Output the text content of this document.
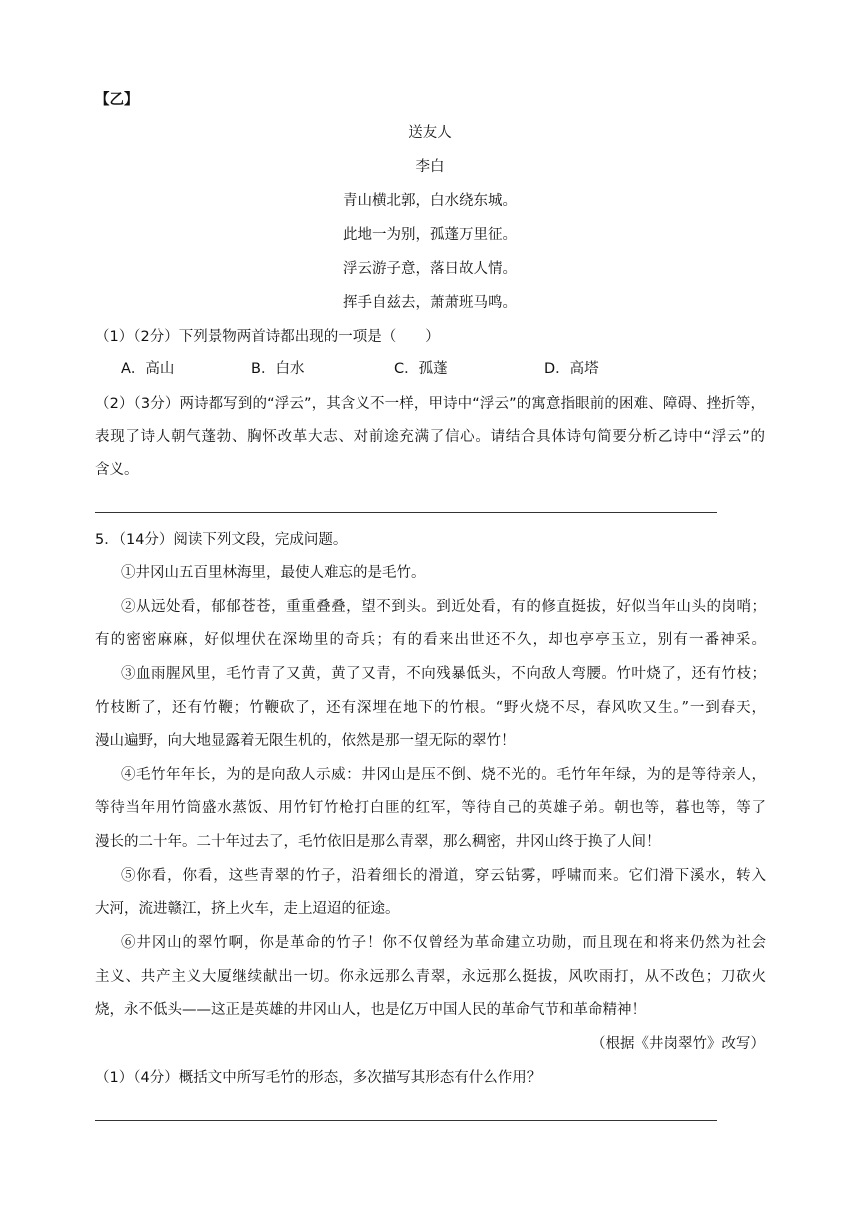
【乙】
送友人
李白
青山横北郭，白水绕东城。
此地一为别，孤蓬万里征。
浮云游子意，落日故人情。
挥手自兹去，萧萧班马鸣。
（1）（2分）下列景物两首诗都出现的一项是（　　）
A．高山	B．白水	C．孤蓬	D．高塔
（2）（3分）两诗都写到的“浮云”，其含义不一样，甲诗中“浮云”的寓意指眼前的困难、障碍、挫折等，
表现了诗人朝气蓬勃、胸怀改革大志、对前途充满了信心。请结合具体诗句简要分析乙诗中“浮云”的
含义。
5．（14分）阅读下列文段，完成问题。
①井冈山五百里林海里，最使人难忘的是毛竹。
②从远处看，郁郁苍苍，重重叠叠，望不到头。到近处看，有的修直挺拔，好似当年山头的岗哨；
有的密密麻麻，好似埋伏在深坳里的奇兵；有的看来出世还不久，却也亭亭玉立，别有一番神采。
③血雨腥风里，毛竹青了又黄，黄了又青，不向残暴低头，不向敌人弯腰。竹叶烧了，还有竹枝；
竹枝断了，还有竹鞭；竹鞭砍了，还有深埋在地下的竹根。“野火烧不尽，春风吹又生。”一到春天，
漫山遍野，向大地显露着无限生机的，依然是那一望无际的翠竹！
④毛竹年年长，为的是向敌人示威：井冈山是压不倒、烧不光的。毛竹年年绿，为的是等待亲人，
等待当年用竹筒盛水蒸饭、用竹钉竹枪打白匪的红军，等待自己的英雄子弟。朝也等，暮也等，等了
漫长的二十年。二十年过去了，毛竹依旧是那么青翠，那么稠密，井冈山终于换了人间！
⑤你看，你看，这些青翠的竹子，沿着细长的滑道，穿云钻雾，呼啸而来。它们滑下溪水，转入
大河，流进赣江，挤上火车，走上迢迢的征途。
⑥井冈山的翠竹啊，你是革命的竹子！你不仅曾经为革命建立功勋，而且现在和将来仍然为社会
主义、共产主义大厦继续献出一切。你永远那么青翠，永远那么挺拔，风吹雨打，从不改色；刀砍火
烧，永不低头——这正是英雄的井冈山人，也是亿万中国人民的革命气节和革命精神！
（根据《井岗翠竹》改写）
（1）（4分）概括文中所写毛竹的形态，多次描写其形态有什么作用？
